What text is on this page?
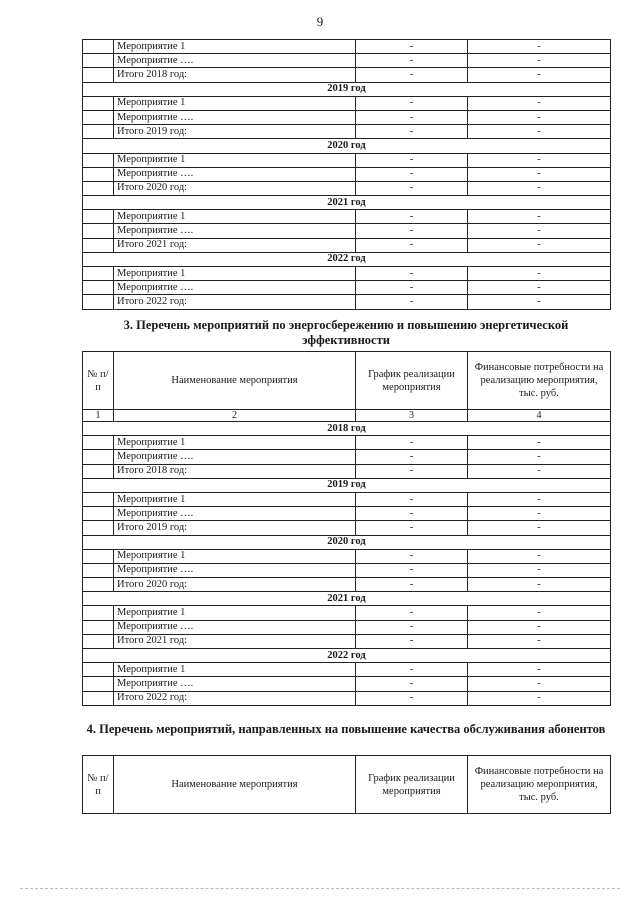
9
	Мероприятие 1	-	-
	Мероприятие ….	-	-
	Итого 2018 год:	-	-
2019 год			
	Мероприятие 1	-	-
	Мероприятие ….	-	-
	Итого 2019 год:	-	-
2020 год			
	Мероприятие 1	-	-
	Мероприятие ….	-	-
	Итого 2020 год:	-	-
2021 год			
	Мероприятие 1	-	-
	Мероприятие ….	-	-
	Итого 2021 год:	-	-
2022 год			
	Мероприятие 1	-	-
	Мероприятие ….	-	-
	Итого 2022 год:	-	-
3. Перечень мероприятий по энергосбережению и повышению энергетической эффективности
№ п/п	Наименование мероприятия	График реализации мероприятия	Финансовые потребности на реализацию мероприятия, тыс. руб.
1	2	3	4
2018 год			
	Мероприятие 1	-	-
	Мероприятие ….	-	-
	Итого 2018 год:	-	-
2019 год			
	Мероприятие 1	-	-
	Мероприятие ….	-	-
	Итого 2019 год:	-	-
2020 год			
	Мероприятие 1	-	-
	Мероприятие ….	-	-
	Итого 2020 год:	-	-
2021 год			
	Мероприятие 1	-	-
	Мероприятие ….	-	-
	Итого 2021 год:	-	-
2022 год			
	Мероприятие 1	-	-
	Мероприятие ….	-	-
	Итого 2022 год:	-	-
4. Перечень мероприятий, направленных на повышение качества обслуживания абонентов
№ п/п	Наименование мероприятия	График реализации мероприятия	Финансовые потребности на реализацию мероприятия, тыс. руб.
